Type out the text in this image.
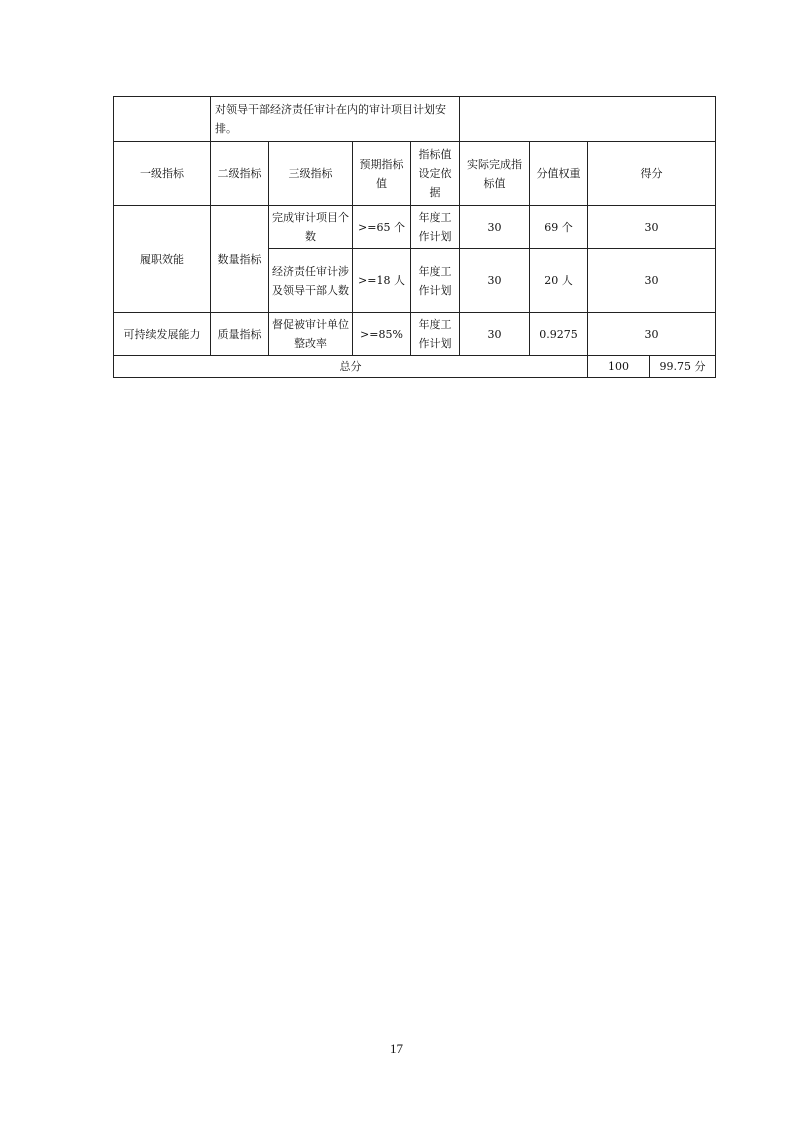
	对领导干部经济责任审计在内的审计项目计划安排。							
一级指标	二级指标	三级指标	预期指标值	指标值设定依据	实际完成指标值	分值权重	得分	
履职效能	数量指标	完成审计项目个数	>=65 个	年度工作计划	30	69 个	30	
		经济责任审计涉及领导干部人数	>=18 人	年度工作计划	30	20 人	30	
可持续发展能力	质量指标	督促被审计单位整改率	>=85%	年度工作计划	30	0.9275	30	
总分							100	99.75 分
17
